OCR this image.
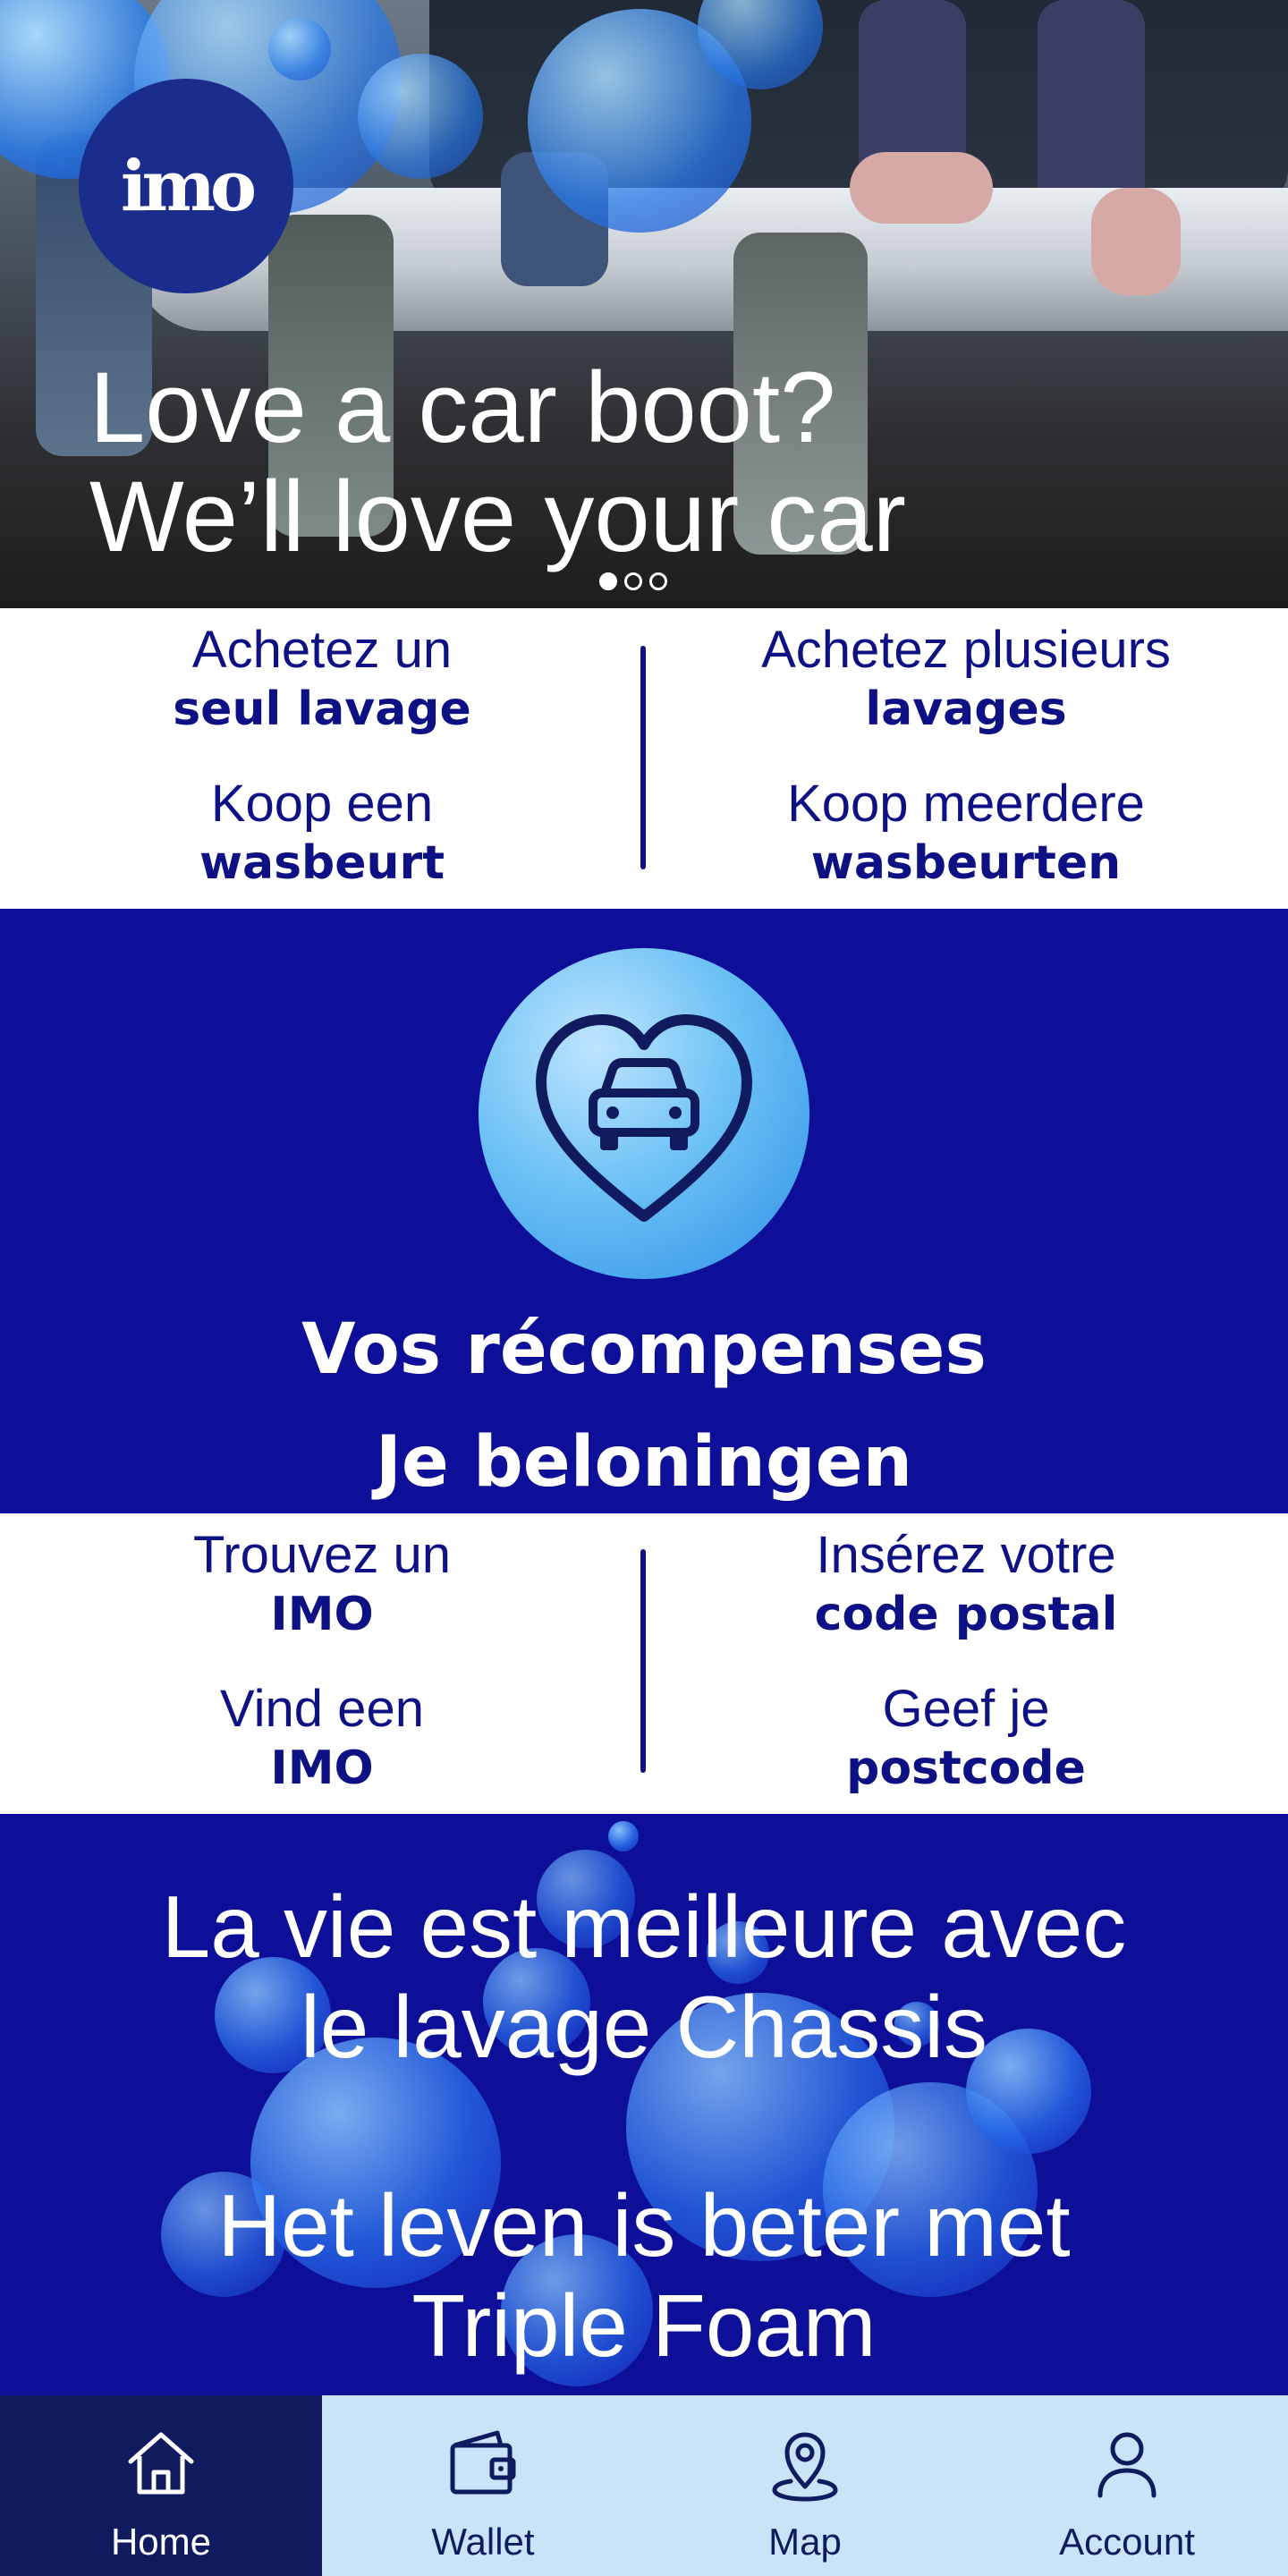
imo
Love a car boot?
We’ll love your car
Achetez un
seul lavage
Koop een
wasbeurt
Achetez plusieurs
lavages
Koop meerdere
wasbeurten
Vos récompenses
Je beloningen
Trouvez un
IMO
Vind een
IMO
Insérez votre
code postal
Geef je
postcode
La vie est meilleure avec
le lavage Chassis
Het leven is beter met
Triple Foam
Home	Wallet	Map	Account
